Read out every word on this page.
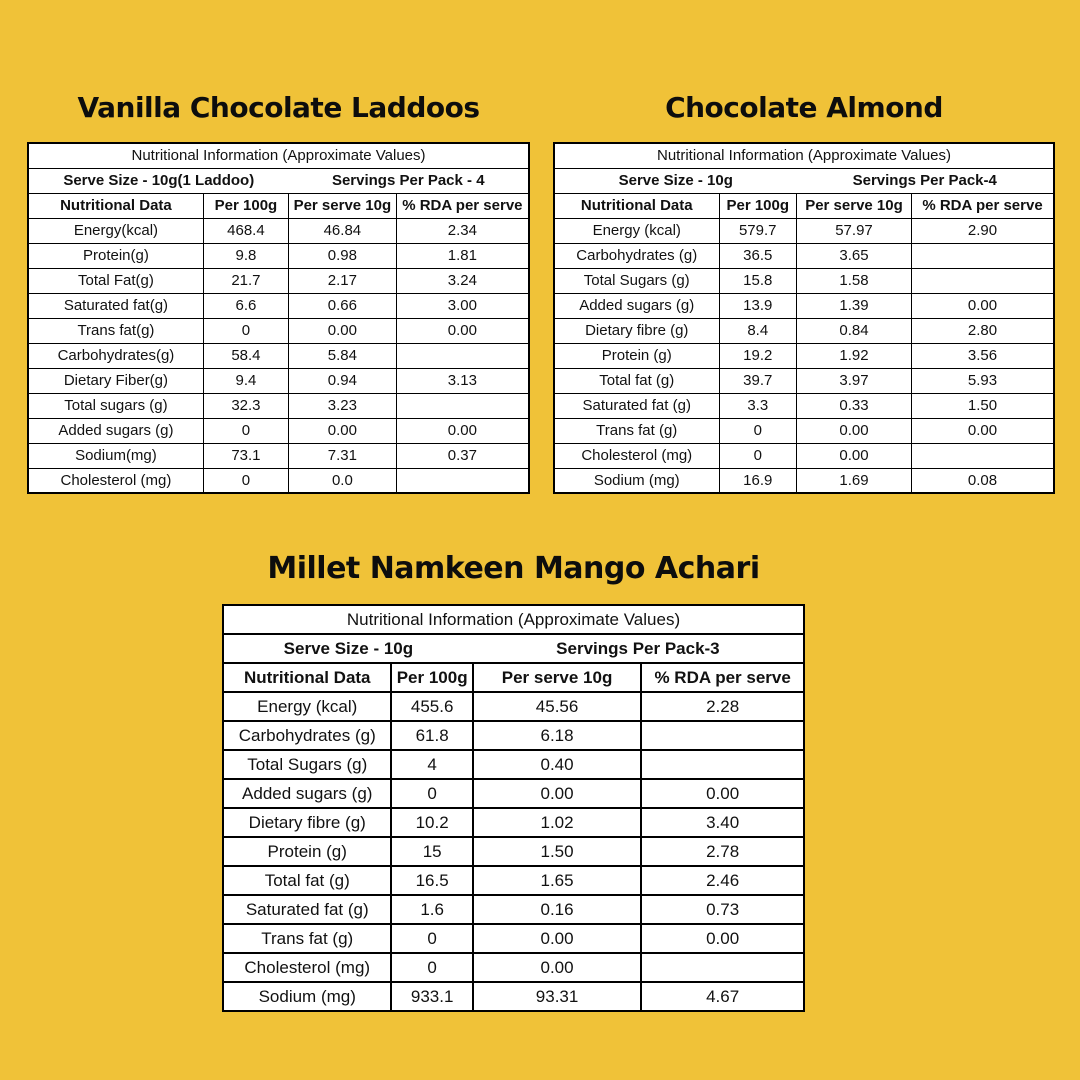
Vanilla Chocolate Laddoos
Nutritional Information (Approximate Values)			
Serve Size - 10g(1 Laddoo)		Servings Per Pack - 4	
Nutritional Data	Per 100g	Per serve 10g	% RDA per serve
Energy(kcal)	468.4	46.84	2.34
Protein(g)	9.8	0.98	1.81
Total Fat(g)	21.7	2.17	3.24
Saturated fat(g)	6.6	0.66	3.00
Trans fat(g)	0	0.00	0.00
Carbohydrates(g)	58.4	5.84	
Dietary Fiber(g)	9.4	0.94	3.13
Total sugars (g)	32.3	3.23	
Added sugars (g)	0	0.00	0.00
Sodium(mg)	73.1	7.31	0.37
Cholesterol (mg)	0	0.0	
Chocolate Almond
Nutritional Information (Approximate Values)			
Serve Size - 10g		Servings Per Pack-4	
Nutritional Data	Per 100g	Per serve 10g	% RDA per serve
Energy (kcal)	579.7	57.97	2.90
Carbohydrates (g)	36.5	3.65	
Total Sugars (g)	15.8	1.58	
Added sugars (g)	13.9	1.39	0.00
Dietary fibre (g)	8.4	0.84	2.80
Protein (g)	19.2	1.92	3.56
Total fat (g)	39.7	3.97	5.93
Saturated fat (g)	3.3	0.33	1.50
Trans fat (g)	0	0.00	0.00
Cholesterol (mg)	0	0.00	
Sodium (mg)	16.9	1.69	0.08
Millet Namkeen Mango Achari
Nutritional Information (Approximate Values)			
Serve Size - 10g		Servings Per Pack-3	
Nutritional Data	Per 100g	Per serve 10g	% RDA per serve
Energy (kcal)	455.6	45.56	2.28
Carbohydrates (g)	61.8	6.18	
Total Sugars (g)	4	0.40	
Added sugars (g)	0	0.00	0.00
Dietary fibre (g)	10.2	1.02	3.40
Protein (g)	15	1.50	2.78
Total fat (g)	16.5	1.65	2.46
Saturated fat (g)	1.6	0.16	0.73
Trans fat (g)	0	0.00	0.00
Cholesterol (mg)	0	0.00	
Sodium (mg)	933.1	93.31	4.67
